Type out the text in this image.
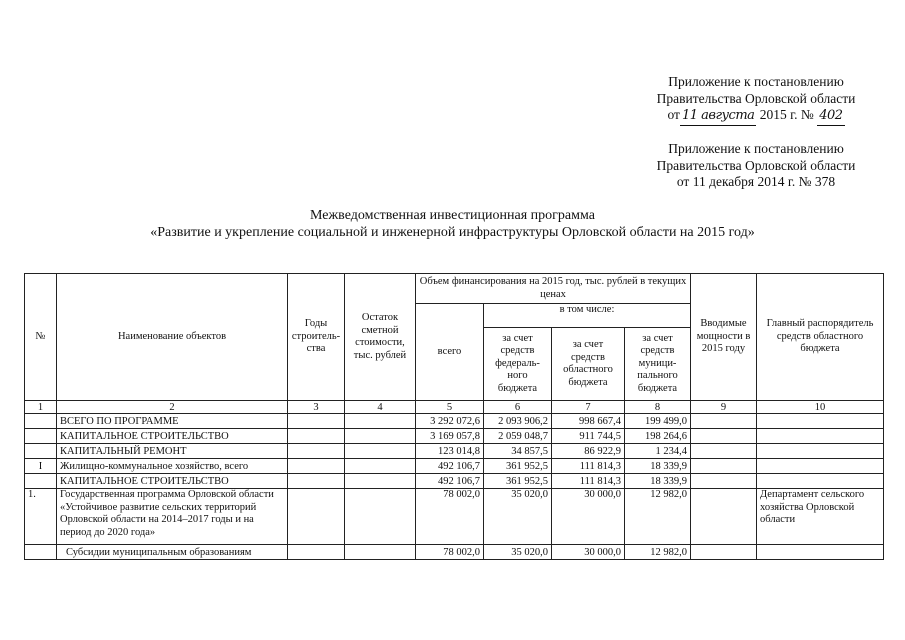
Приложение к постановлению
Правительства Орловской области
от 11 августа 2015 г. № 402
Приложение к постановлению
Правительства Орловской области
от 11 декабря 2014 г. № 378
Межведомственная инвестиционная программа
«Развитие и укрепление социальной и инженерной инфраструктуры Орловской области на 2015 год»
№	Наименование объектов	Годы строитель-ства	Остаток сметной стоимости, тыс. рублей	Объем финансирования на 2015 год, тыс. рублей в текущих ценах				Вводимые мощности в 2015 году	Главный распорядитель средств областного бюджета
				всего	в том числе:				
					за счет средств федераль-ного бюджета	за счет средств областного бюджета	за счет средств муници-пального бюджета		
1	2	3	4	5	6	7	8	9	10
	ВСЕГО ПО ПРОГРАММЕ			3 292 072,6	2 093 906,2	998 667,4	199 499,0		
	КАПИТАЛЬНОЕ СТРОИТЕЛЬСТВО			3 169 057,8	2 059 048,7	911 744,5	198 264,6		
	КАПИТАЛЬНЫЙ РЕМОНТ			123 014,8	34 857,5	86 922,9	1 234,4		
I	Жилищно-коммунальное хозяйство, всего			492 106,7	361 952,5	111 814,3	18 339,9		
	КАПИТАЛЬНОЕ СТРОИТЕЛЬСТВО			492 106,7	361 952,5	111 814,3	18 339,9		
1.	Государственная программа Орловской области «Устойчивое развитие сельских территорий Орловской области на 2014–2017 годы и на период до 2020 года»			78 002,0	35 020,0	30 000,0	12 982,0		Департамент сельского хозяйства Орловской области
	Субсидии муниципальным образованиям			78 002,0	35 020,0	30 000,0	12 982,0		
